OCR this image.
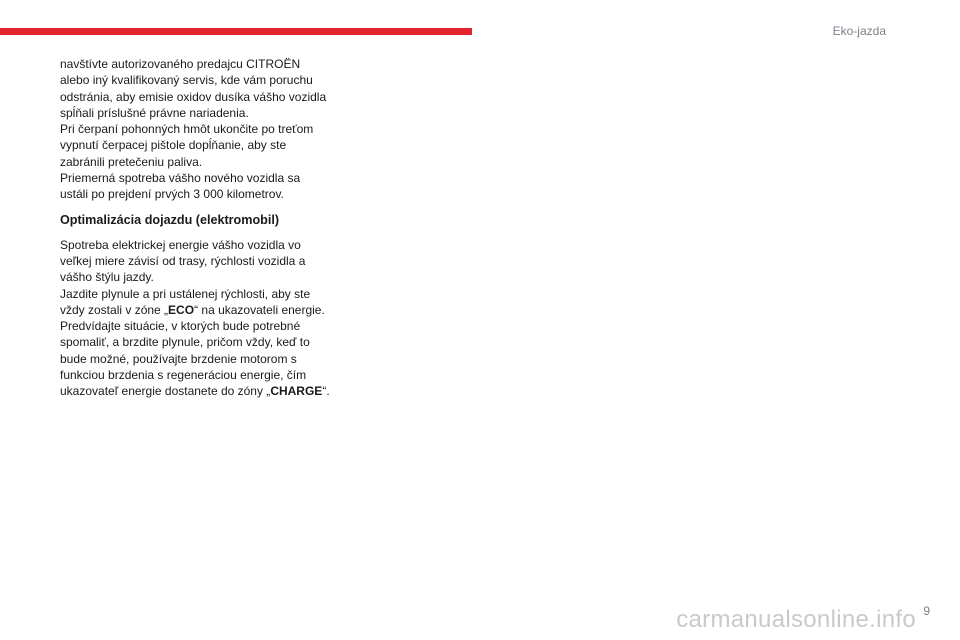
Eko-jazda

navštívte autorizovaného predajcu CITROËN alebo iný kvalifikovaný servis, kde vám poruchu odstránia, aby emisie oxidov dusíka vášho vozidla spĺňali príslušné právne nariadenia.

Pri čerpaní pohonných hmôt ukončite po treťom vypnutí čerpacej pištole dopĺňanie, aby ste zabránili pretečeniu paliva.

Priemerná spotreba vášho nového vozidla sa ustáli po prejdení prvých 3 000 kilometrov.

Optimalizácia dojazdu (elektromobil)

Spotreba elektrickej energie vášho vozidla vo veľkej miere závisí od trasy, rýchlosti vozidla a vášho štýlu jazdy.

Jazdite plynule a pri ustálenej rýchlosti, aby ste vždy zostali v zóne „ECO“ na ukazovateli energie.

Predvídajte situácie, v ktorých bude potrebné spomaliť, a brzdite plynule, pričom vždy, keď to bude možné, používajte brzdenie motorom s funkciou brzdenia s regeneráciou energie, čím ukazovateľ energie dostanete do zóny „CHARGE“.

9
carmanualsonline.info
